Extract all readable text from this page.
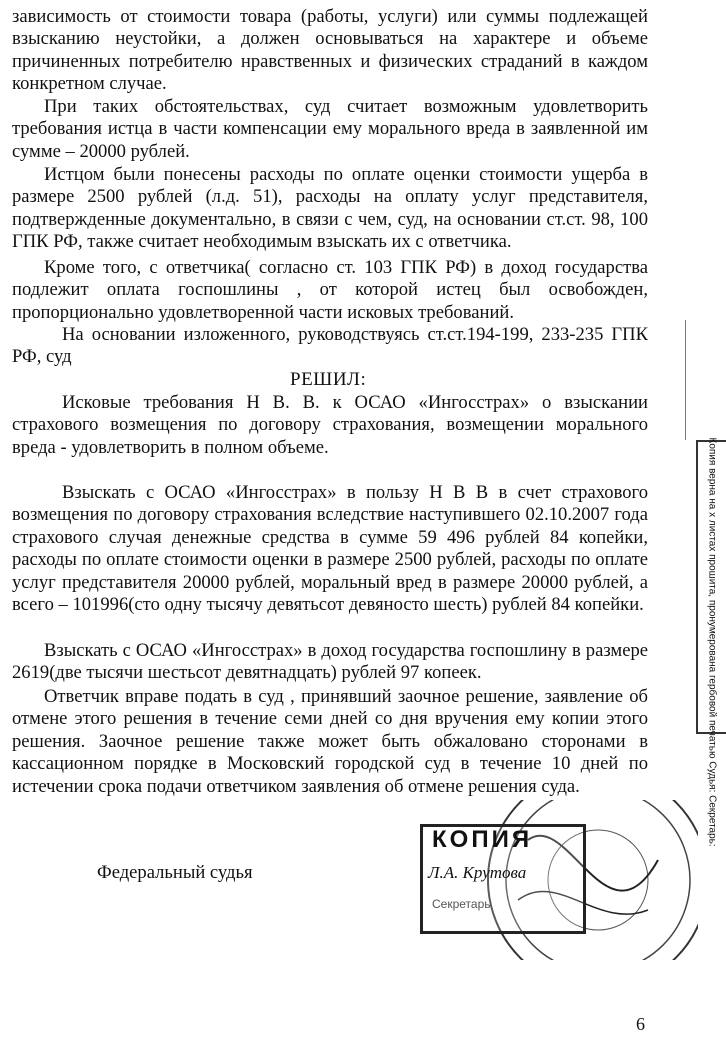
зависимость от стоимости товара (работы, услуги) или суммы подлежащей взысканию неустойки, а должен основываться на характере и объеме причиненных потребителю нравственных и физических страданий в каждом конкретном случае.

При таких обстоятельствах, суд считает возможным удовлетворить требования истца в части компенсации ему морального вреда в заявленной им сумме – 20000 рублей.

Истцом были понесены расходы по оплате оценки стоимости ущерба в размере 2500 рублей (л.д. 51), расходы на оплату услуг представителя, подтвержденные документально, в связи с чем, суд, на основании ст.ст. 98, 100 ГПК РФ, также считает необходимым взыскать их с ответчика.

Кроме того, с ответчика( согласно ст. 103 ГПК РФ) в доход государства подлежит оплата госпошлины , от которой истец был освобожден, пропорционально удовлетворенной части исковых требований.

На основании изложенного, руководствуясь ст.ст.194-199, 233-235 ГПК РФ, суд

РЕШИЛ:

Исковые требования Н В. В. к ОСАО «Ингосстрах» о взыскании страхового возмещения по договору страхования, возмещении морального вреда - удовлетворить в полном объеме.

Взыскать с ОСАО «Ингосстрах» в пользу Н В В в счет страхового возмещения по договору страхования вследствие наступившего 02.10.2007 года страхового случая денежные средства в сумме 59 496 рублей 84 копейки, расходы по оплате стоимости оценки в размере 2500 рублей, расходы по оплате услуг представителя 20000 рублей, моральный вред в размере 20000 рублей, а всего – 101996(сто одну тысячу девятьсот девяносто шесть) рублей 84 копейки.

Взыскать с ОСАО «Ингосстрах» в доход государства госпошлину в размере 2619(две тысячи шестьсот девятнадцать) рублей 97 копеек.

Ответчик вправе подать в суд , принявший заочное решение, заявление об отмене этого решения в течение семи дней со дня вручения ему копии этого решения. Заочное решение также может быть обжаловано сторонами в кассационном порядке в Московский городской суд в течение 10 дней по истечении срока подачи ответчиком заявления об отмене решения суда.

Федеральный судья
КОПИЯ
Л.А. Крутова
Секретарь
Копия верна на х листах прошита, пронумерована гербовой печатью Судья: Секретарь:
6
